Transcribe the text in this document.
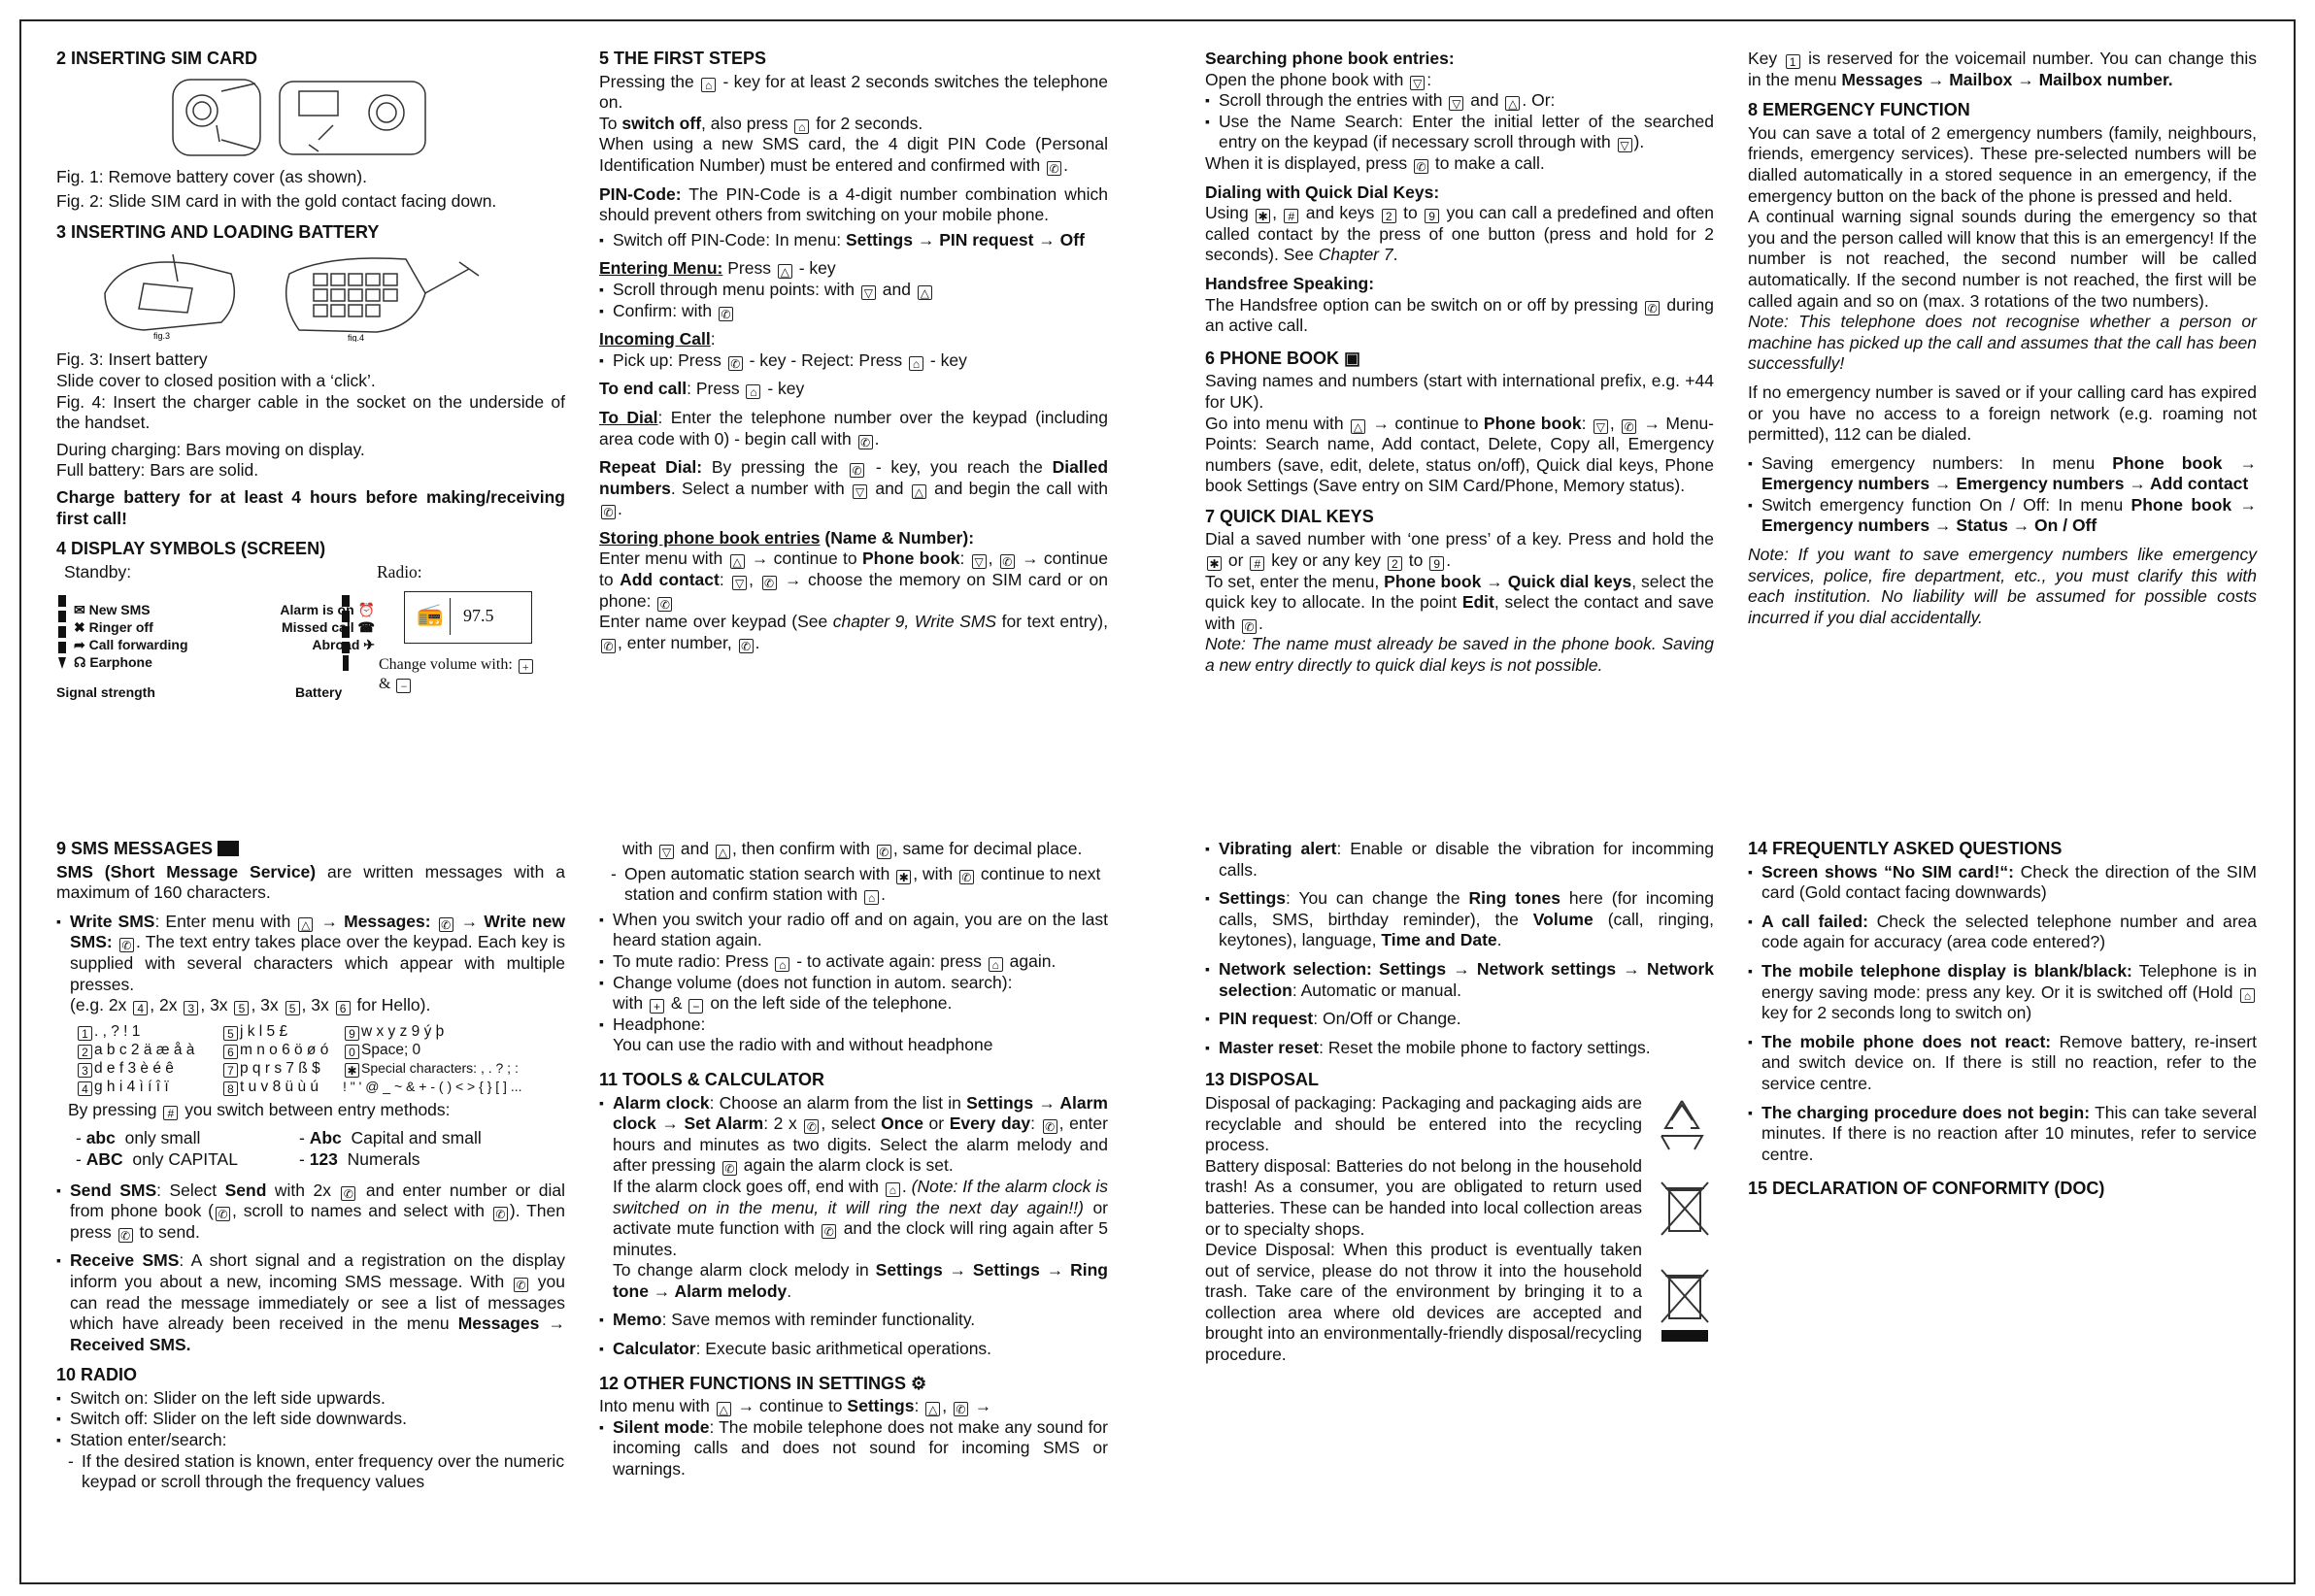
2 INSERTING SIM CARD

Fig. 1: Remove battery cover (as shown).

Fig. 2: Slide SIM card in with the gold contact facing down.

3 INSERTING AND LOADING BATTERY
fig.3	fig.4

Fig. 3: Insert battery

Slide cover to closed position with a ‘click’.

Fig. 4: Insert the charger cable in the socket on the underside of the handset.

During charging: Bars moving on display.

Full battery: Bars are solid.

Charge battery for at least 4 hours before making/receiving first call!

4 DISPLAY SYMBOLS (SCREEN)
Standby:	Radio:
✉ New SMS	Alarm is on ⏰
✖ Ringer off	Missed call ☎
➦ Call forwarding	Abroad ✈
☊ Earphone
Signal strength	Battery
📻 97.5
Change volume with: +
& −
5 THE FIRST STEPS

Pressing the ⌂ - key for at least 2 seconds switches the telephone on.

To switch off, also press ⌂ for 2 seconds.

When using a new SMS card, the 4 digit PIN Code (Personal Identification Number) must be entered and confirmed with ✆ .

PIN-Code: The PIN-Code is a 4-digit number combination which should prevent others from switching on your mobile phone.

▪ Switch off PIN-Code: In menu: Settings → PIN request → Off

Entering Menu: Press △ - key

▪ Scroll through menu points: with ▽ and △
▪ Confirm: with ✆

Incoming Call:

▪ Pick up: Press ✆ - key - Reject: Press ⌂ - key

To end call: Press ⌂ - key

To Dial: Enter the telephone number over the keypad (including area code with 0) - begin call with ✆ .

Repeat Dial: By pressing the ✆ - key, you reach the Dialled numbers. Select a number with ▽ and △ and begin the call with ✆ .

Storing phone book entries (Name & Number):

Enter menu with △ → continue to Phone book: ▽ , ✆ → continue to Add contact: ▽ , ✆ → choose the memory on SIM card or on phone: ✆

Enter name over keypad (See chapter 9, Write SMS for text entry), ✆ , enter number, ✆ .

Searching phone book entries:

Open the phone book with ▽ :

▪ Scroll through the entries with ▽ and △ . Or:
▪ Use the Name Search: Enter the initial letter of the searched entry on the keypad (if necessary scroll through with ▽ ).

When it is displayed, press ✆ to make a call.

Dialing with Quick Dial Keys:

Using ✱ , # and keys 2 to 9 you can call a predefined and often called contact by the press of one button (press and hold for 2 seconds). See Chapter 7.

Handsfree Speaking:

The Handsfree option can be switch on or off by pressing ✆ during an active call.

6 PHONE BOOK ▣

Saving names and numbers (start with international prefix, e.g. +44 for UK).

Go into menu with △ → continue to Phone book: ▽ , ✆ → Menu-Points: Search name, Add contact, Delete, Copy all, Emergency numbers (save, edit, delete, status on/off), Quick dial keys, Phone book Settings (Save entry on SIM Card/Phone, Memory status).

7 QUICK DIAL KEYS

Dial a saved number with ‘one press’ of a key. Press and hold the ✱ or # key or any key 2 to 9 .

To set, enter the menu, Phone book → Quick dial keys, select the quick key to allocate. In the point Edit, select the contact and save with ✆ .

Note: The name must already be saved in the phone book. Saving a new entry directly to quick dial keys is not possible.

Key 1 is reserved for the voicemail number. You can change this in the menu Messages → Mailbox → Mailbox number.

8 EMERGENCY FUNCTION

You can save a total of 2 emergency numbers (family, neighbours, friends, emergency services). These pre-selected numbers will be dialled automatically in a stored sequence in an emergency, if the emergency button on the back of the phone is pressed and held.

A continual warning signal sounds during the emergency so that you and the person called will know that this is an emergency! If the number is not reached, the second number will be called automatically. If the second number is not reached, the first will be called again and so on (max. 3 rotations of the two numbers).

Note: This telephone does not recognise whether a person or machine has picked up the call and assumes that the call has been successfully!

If no emergency number is saved or if your calling card has expired or you have no access to a foreign network (e.g. roaming not permitted), 112 can be dialed.

▪ Saving emergency numbers: In menu Phone book → Emergency numbers → Emergency numbers → Add contact
▪ Switch emergency function On / Off: In menu Phone book → Emergency numbers → Status → On / Off

Note: If you want to save emergency numbers like emergency services, police, fire department, etc., you must clarify this with each institution. No liability will be assumed for possible costs incurred if you dial accidentally.

9 SMS MESSAGES

SMS (Short Message Service) are written messages with a maximum of 160 characters.

▪ Write SMS: Enter menu with △ → Messages: ✆ → Write new SMS: ✆ . The text entry takes place over the keypad. Each key is supplied with several characters which appear with multiple presses.
(e.g. 2x 4 , 2x 3 , 3x 5 , 3x 5 , 3x 6 for Hello).
1 . , ? ! 1	5 j k l 5 £	9 w x y z 9 ý þ
2 a b c 2 ä æ å à	6 m n o 6 ö ø ó	0 Space; 0
3 d e f 3 è é ê	7 p q r s 7 ß $	✱ Special characters: , . ? ; :
4 g h i 4 ì í î ï	8 t u v 8 ü ù ú	! " ' @ _ ~ & + - ( ) < > { } [ ] ...

By pressing # you switch between entry methods:

- abc only small	- Abc Capital and small
- ABC only CAPITAL	- 123 Numerals
▪ Send SMS: Select Send with 2x ✆ and enter number or dial from phone book ( ✆ , scroll to names and select with ✆ ). Then press ✆ to send.
▪ Receive SMS: A short signal and a registration on the display inform you about a new, incoming SMS message. With ✆ you can read the message immediately or see a list of messages which have already been received in the menu Messages → Received SMS.
10 RADIO
▪ Switch on: Slider on the left side upwards.
▪ Switch off: Slider on the left side downwards.
▪ Station enter/search:
- If the desired station is known, enter frequency over the numeric keypad or scroll through the frequency values

with ▽ and △ , then confirm with ✆ , same for decimal place.

- Open automatic station search with ✱ , with ✆ continue to next station and confirm station with ⌂ .
▪ When you switch your radio off and on again, you are on the last heard station again.
▪ To mute radio: Press ⌂ - to activate again: press ⌂ again.
▪ Change volume (does not function in autom. search):
with + & − on the left side of the telephone.
▪ Headphone:
You can use the radio with and without headphone
11 TOOLS & CALCULATOR
▪ Alarm clock: Choose an alarm from the list in Settings → Alarm clock → Set Alarm: 2 x ✆ , select Once or Every day: ✆ , enter hours and minutes as two digits. Select the alarm melody and after pressing ✆ again the alarm clock is set.
If the alarm clock goes off, end with ⌂ . (Note: If the alarm clock is switched on in the menu, it will ring the next day again!!) or activate mute function with ✆ and the clock will ring again after 5 minutes.
To change alarm clock melody in Settings → Settings → Ring tone → Alarm melody.
▪ Memo: Save memos with reminder functionality.
▪ Calculator: Execute basic arithmetical operations.
12 OTHER FUNCTIONS IN SETTINGS ⚙

Into menu with △ → continue to Settings: △ , ✆ →

▪ Silent mode: The mobile telephone does not make any sound for incoming calls and does not sound for incoming SMS or warnings.
▪ Vibrating alert: Enable or disable the vibration for incomming calls.
▪ Settings: You can change the Ring tones here (for incoming calls, SMS, birthday reminder), the Volume (call, ringing, keytones), language, Time and Date.
▪ Network selection: Settings → Network settings → Network selection: Automatic or manual.
▪ PIN request: On/Off or Change.
▪ Master reset: Reset the mobile phone to factory settings.
13 DISPOSAL

Disposal of packaging: Packaging and packaging aids are recyclable and should be entered into the recycling process.

Battery disposal: Batteries do not belong in the household trash! As a consumer, you are obligated to return used batteries. These can be handed into local collection areas or to specialty shops.

Device Disposal: When this product is eventually taken out of service, please do not throw it into the household trash. Take care of the environment by bringing it to a collection area where old devices are accepted and brought into an environmentally-friendly disposal/recycling procedure.

14 FREQUENTLY ASKED QUESTIONS
▪ Screen shows “No SIM card!“: Check the direction of the SIM card (Gold contact facing downwards)
▪ A call failed: Check the selected telephone number and area code again for accuracy (area code entered?)
▪ The mobile telephone display is blank/black: Telephone is in energy saving mode: press any key. Or it is switched off (Hold ⌂ key for 2 seconds long to switch on)
▪ The mobile phone does not react: Remove battery, re-insert and switch device on. If there is still no reaction, refer to the service centre.
▪ The charging procedure does not begin: This can take several minutes. If there is no reaction after 10 minutes, refer to service centre.
15 DECLARATION OF CONFORMITY (DOC)
